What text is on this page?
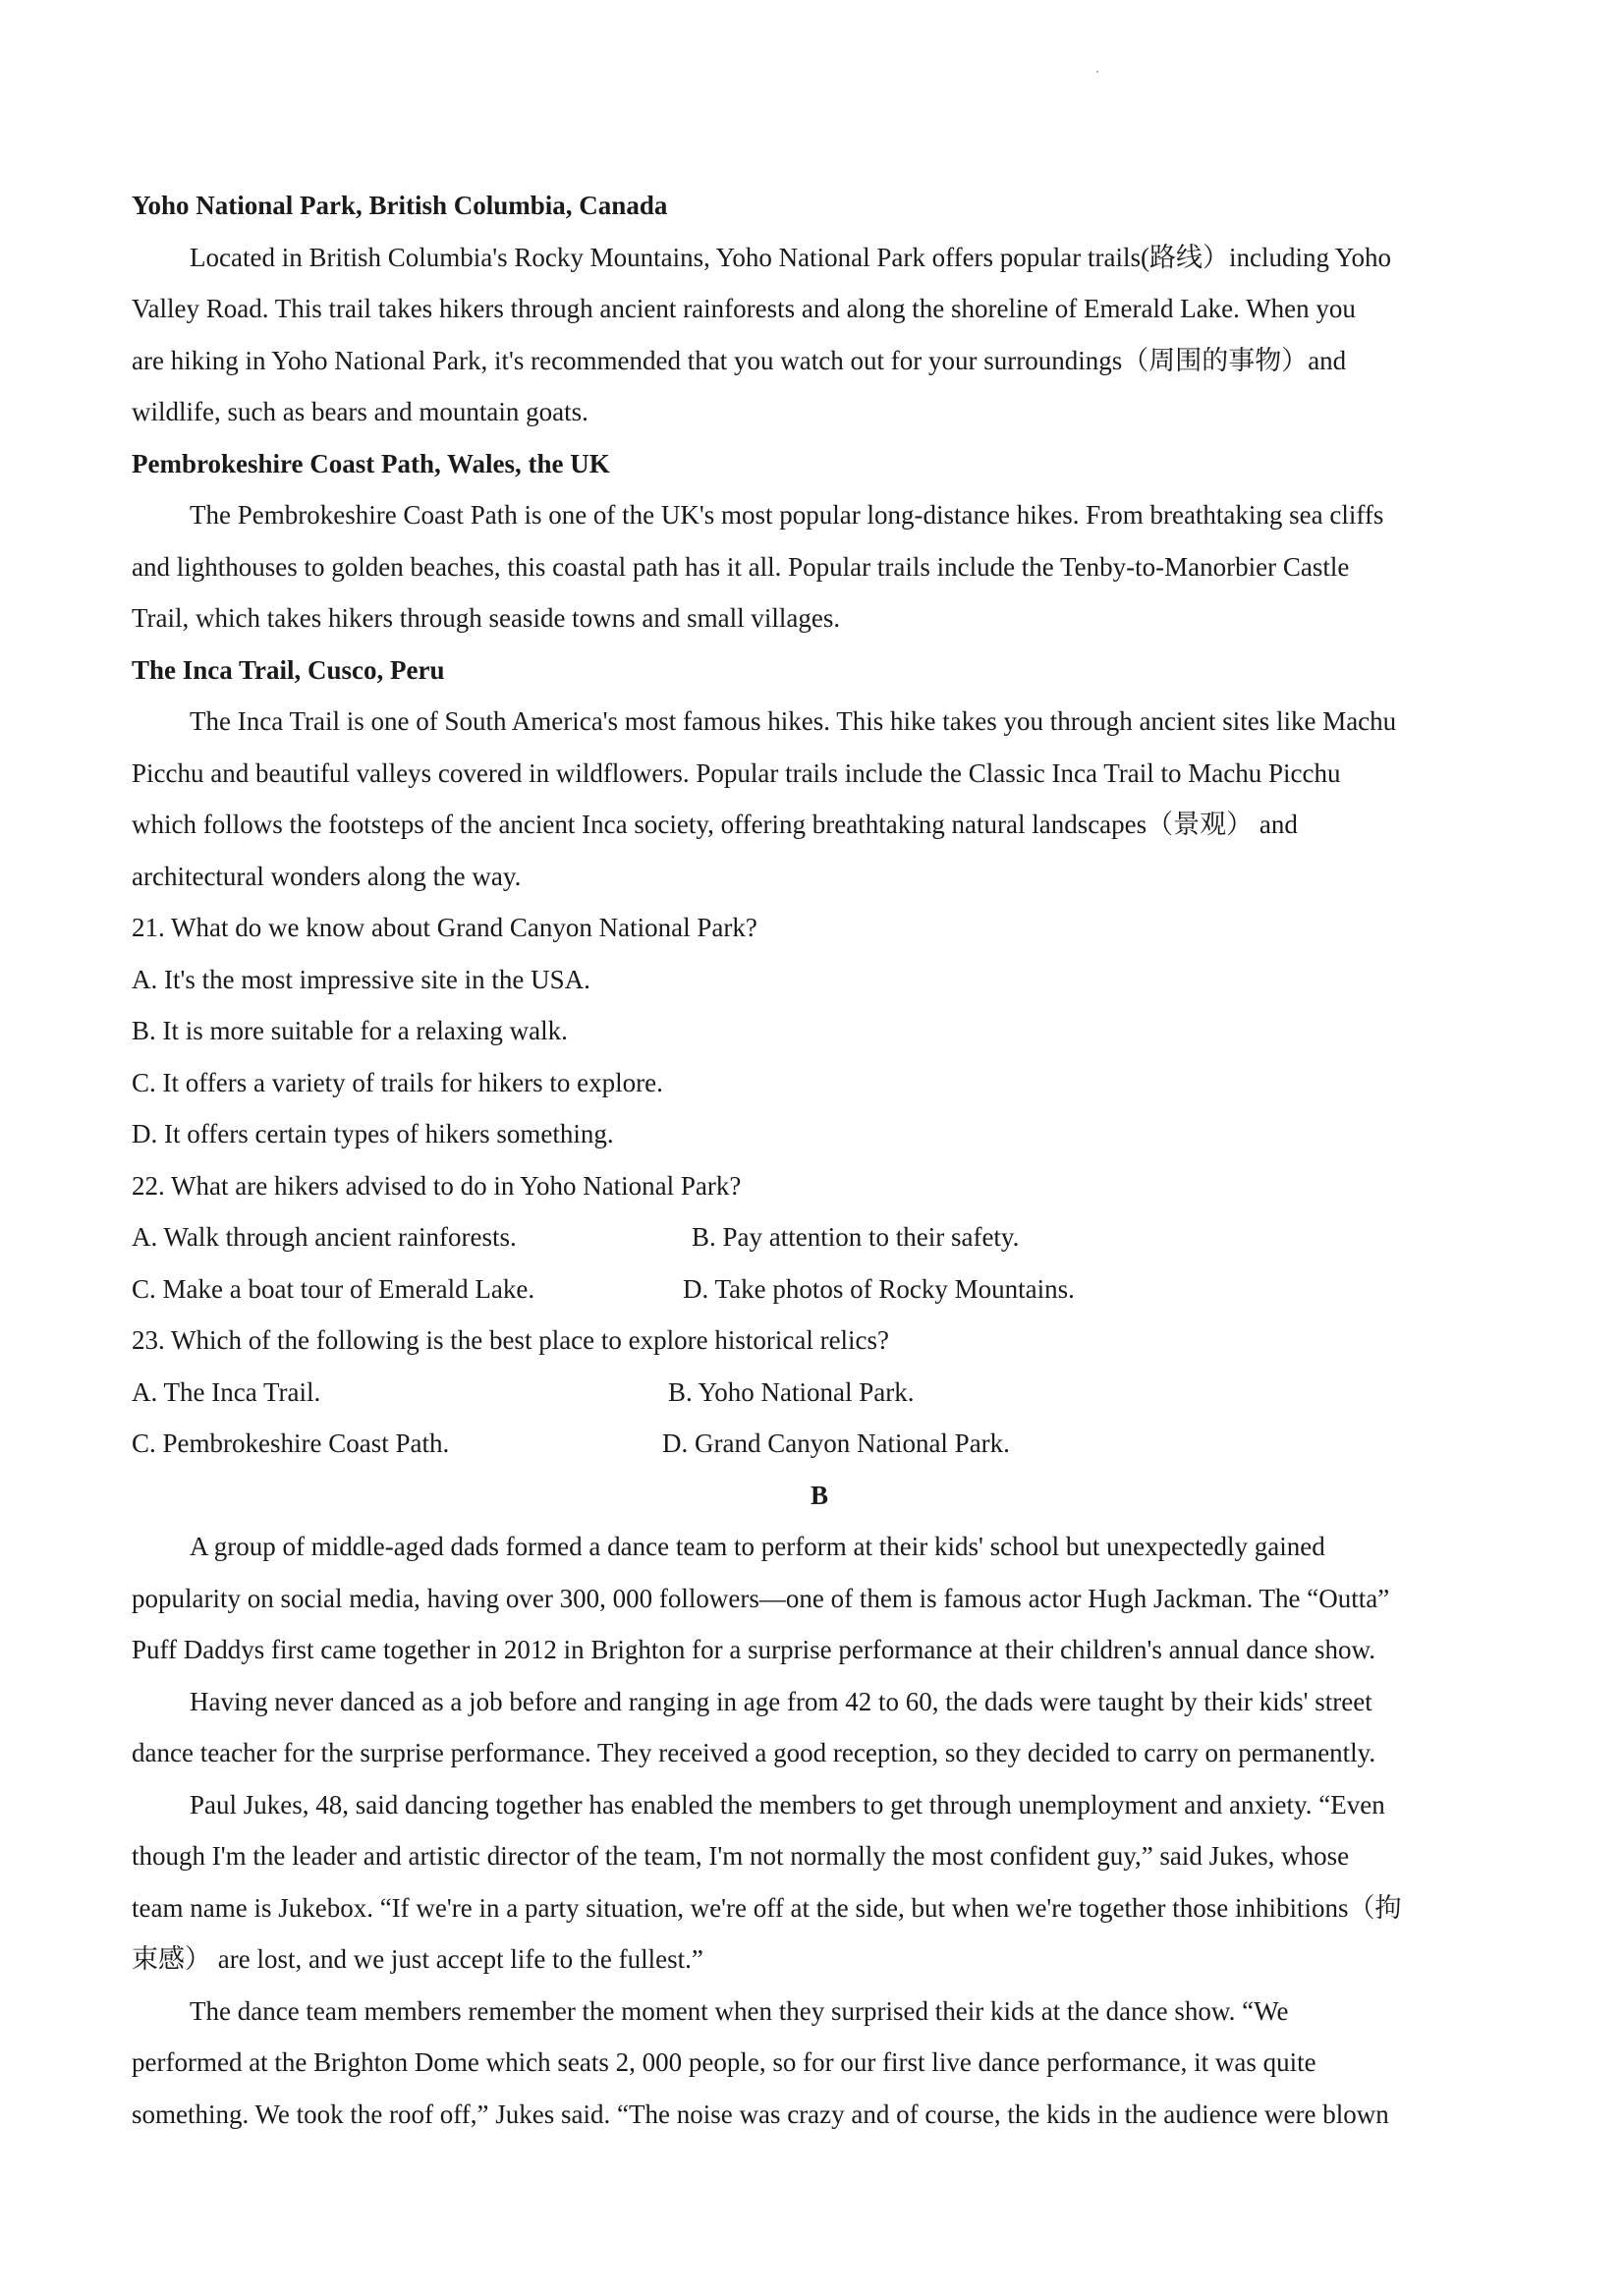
Yoho National Park, British Columbia, Canada
Located in British Columbia's Rocky Mountains, Yoho National Park offers popular trails(路线）including Yoho
Valley Road. This trail takes hikers through ancient rainforests and along the shoreline of Emerald Lake. When you
are hiking in Yoho National Park, it's recommended that you watch out for your surroundings（周围的事物）and
wildlife, such as bears and mountain goats.
Pembrokeshire Coast Path, Wales, the UK
The Pembrokeshire Coast Path is one of the UK's most popular long-distance hikes. From breathtaking sea cliffs
and lighthouses to golden beaches, this coastal path has it all. Popular trails include the Tenby-to-Manorbier Castle
Trail, which takes hikers through seaside towns and small villages.
The Inca Trail, Cusco, Peru
The Inca Trail is one of South America's most famous hikes. This hike takes you through ancient sites like Machu
Picchu and beautiful valleys covered in wildflowers. Popular trails include the Classic Inca Trail to Machu Picchu
which follows the footsteps of the ancient Inca society, offering breathtaking natural landscapes（景观） and
architectural wonders along the way.
21. What do we know about Grand Canyon National Park?
A. It's the most impressive site in the USA.
B. It is more suitable for a relaxing walk.
C. It offers a variety of trails for hikers to explore.
D. It offers certain types of hikers something.
22. What are hikers advised to do in Yoho National Park?
A. Walk through ancient rainforests.	B. Pay attention to their safety.
C. Make a boat tour of Emerald Lake.	D. Take photos of Rocky Mountains.
23. Which of the following is the best place to explore historical relics?
A. The Inca Trail.	B. Yoho National Park.
C. Pembrokeshire Coast Path.	D. Grand Canyon National Park.
B
A group of middle-aged dads formed a dance team to perform at their kids' school but unexpectedly gained
popularity on social media, having over 300, 000 followers—one of them is famous actor Hugh Jackman. The “Outta”
Puff Daddys first came together in 2012 in Brighton for a surprise performance at their children's annual dance show.
Having never danced as a job before and ranging in age from 42 to 60, the dads were taught by their kids' street
dance teacher for the surprise performance. They received a good reception, so they decided to carry on permanently.
Paul Jukes, 48, said dancing together has enabled the members to get through unemployment and anxiety. “Even
though I'm the leader and artistic director of the team, I'm not normally the most confident guy,” said Jukes, whose
team name is Jukebox. “If we're in a party situation, we're off at the side, but when we're together those inhibitions（拘
束感） are lost, and we just accept life to the fullest.”
The dance team members remember the moment when they surprised their kids at the dance show. “We
performed at the Brighton Dome which seats 2, 000 people, so for our first live dance performance, it was quite
something. We took the roof off,” Jukes said. “The noise was crazy and of course, the kids in the audience were blown
